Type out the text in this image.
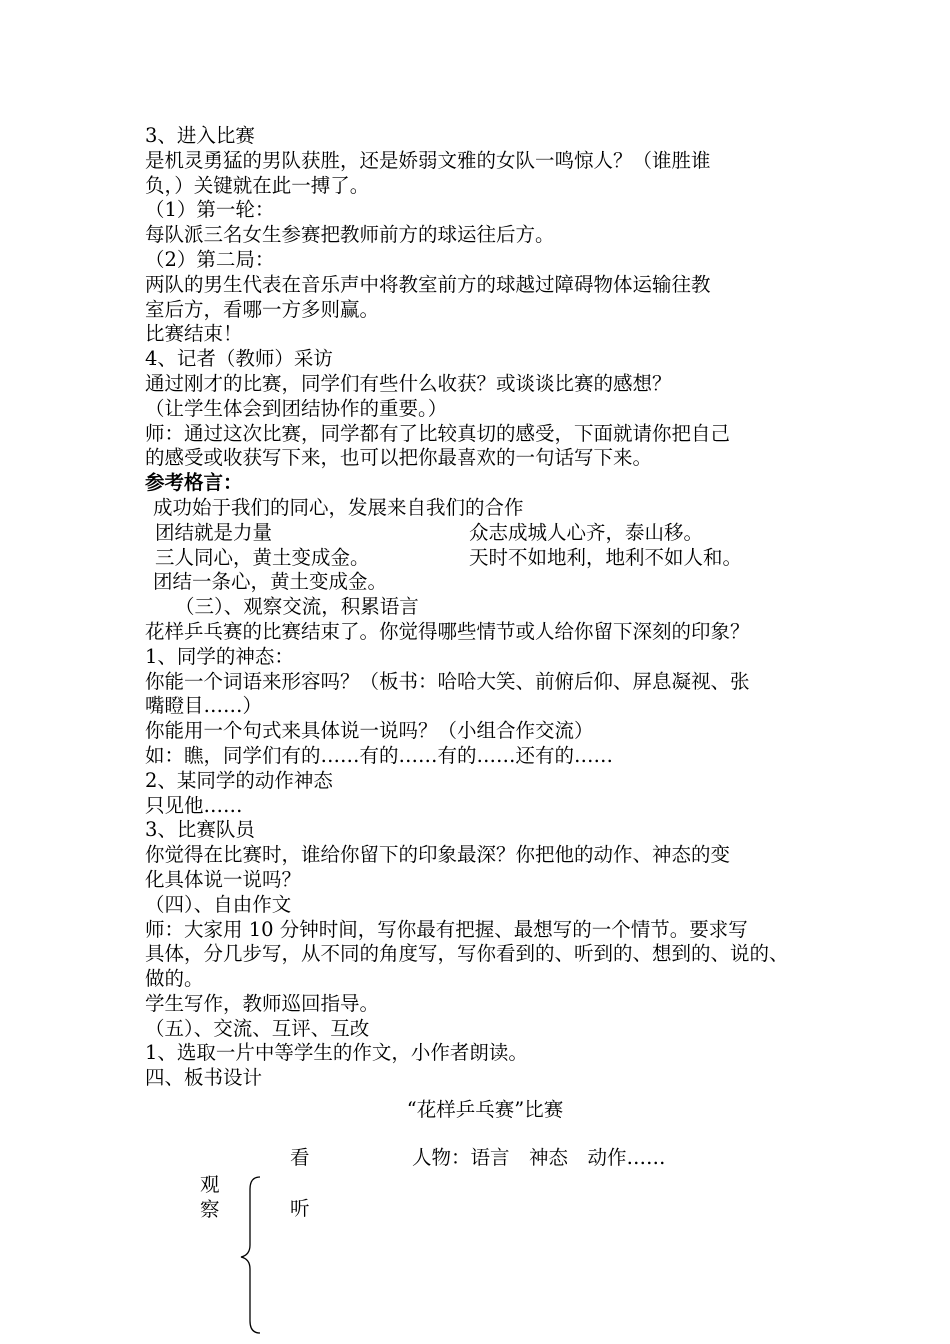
3、进入比赛
是机灵勇猛的男队获胜，还是娇弱文雅的女队一鸣惊人？（谁胜谁
负，）关键就在此一搏了。
（1）第一轮：
每队派三名女生参赛把教师前方的球运往后方。
（2）第二局：
两队的男生代表在音乐声中将教室前方的球越过障碍物体运输往教
室后方，看哪一方多则赢。
比赛结束！
4、记者（教师）采访
通过刚才的比赛，同学们有些什么收获？或谈谈比赛的感想？
（让学生体会到团结协作的重要。）
师：通过这次比赛，同学都有了比较真切的感受，下面就请你把自己
的感受或收获写下来，也可以把你最喜欢的一句话写下来。
参考格言：
成功始于我们的同心，发展来自我们的合作
团结就是力量	众志成城人心齐，泰山移。
三人同心，黄土变成金。	天时不如地利，地利不如人和。
团结一条心，黄土变成金。
（三）、观察交流，积累语言
花样乒乓赛的比赛结束了。你觉得哪些情节或人给你留下深刻的印象？
1、同学的神态：
你能一个词语来形容吗？（板书：哈哈大笑、前俯后仰、屏息凝视、张
嘴瞪目……）
你能用一个句式来具体说一说吗？（小组合作交流）
如：瞧，同学们有的……有的……有的……还有的……
2、某同学的动作神态
只见他……
3、比赛队员
你觉得在比赛时，谁给你留下的印象最深？你把他的动作、神态的变
化具体说一说吗？
（四）、自由作文
师：大家用 10 分钟时间，写你最有把握、最想写的一个情节。要求写
具体，分几步写，从不同的角度写，写你看到的、听到的、想到的、说的、
做的。
学生写作，教师巡回指导。
（五）、交流、互评、互改
1、选取一片中等学生的作文，小作者朗读。
四、板书设计
“花样乒乓赛”比赛
看	人物：语言　神态　动作……
观
察	听
